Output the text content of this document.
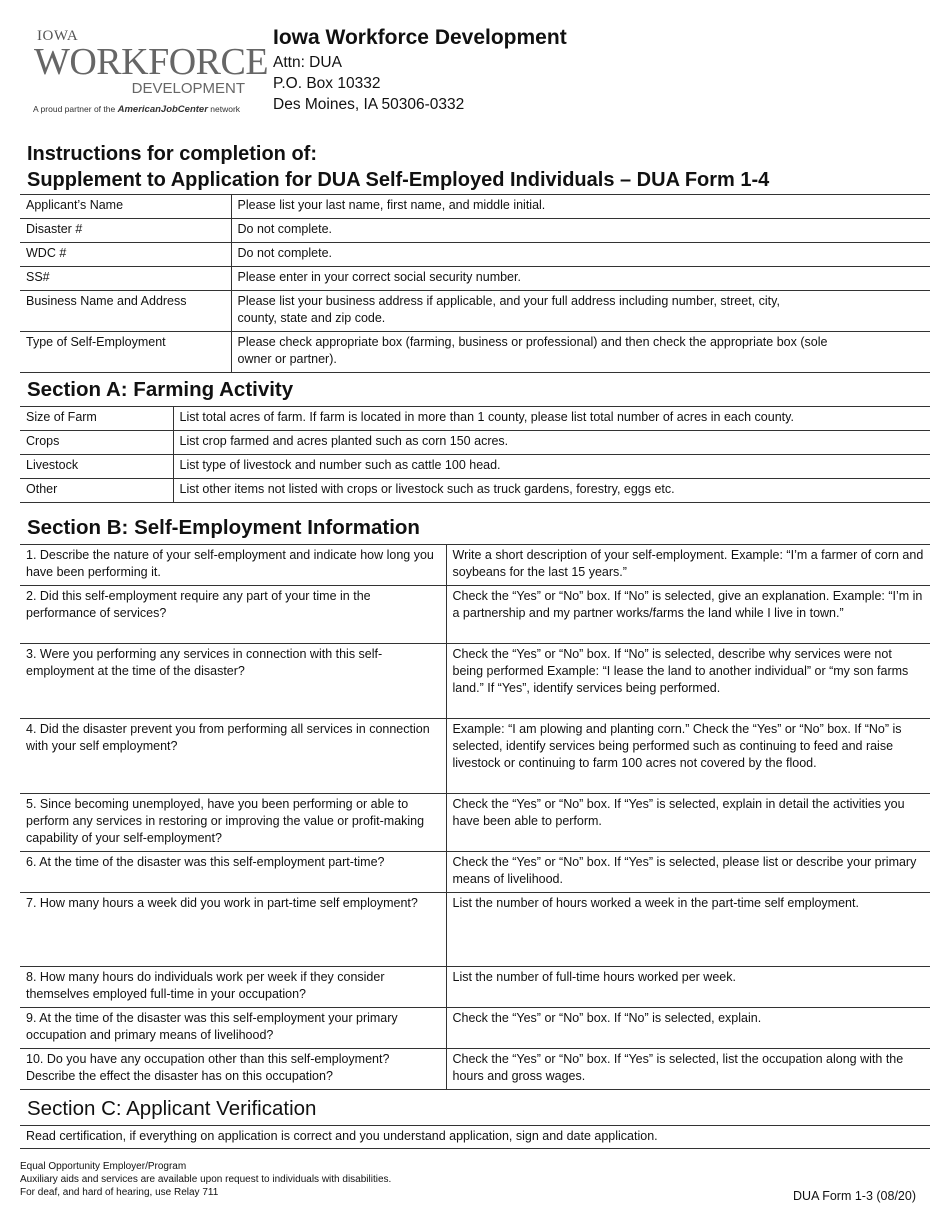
IOWA
WORKFORCE
DEVELOPMENT
A proud partner of the AmericanJobCenter network
Iowa Workforce Development
Attn: DUA
P.O. Box 10332
Des Moines, IA 50306-0332
Instructions for completion of:
Supplement to Application for DUA Self-Employed Individuals – DUA Form 1-4
Applicant’s Name	Please list your last name, first name, and middle initial.
Disaster #	Do not complete.
WDC #	Do not complete.
SS#	Please enter in your correct social security number.
Business Name and Address	Please list your business address if applicable, and your full address including number, street, city, county, state and zip code.
Type of Self-Employment	Please check appropriate box (farming, business or professional) and then check the appropriate box (sole owner or partner).
Section A: Farming Activity
Size of Farm	List total acres of farm. If farm is located in more than 1 county, please list total number of acres in each county.
Crops	List crop farmed and acres planted such as corn 150 acres.
Livestock	List type of livestock and number such as cattle 100 head.
Other	List other items not listed with crops or livestock such as truck gardens, forestry, eggs etc.
Section B: Self-Employment Information
1. Describe the nature of your self-employment and indicate how long you have been performing it.	Write a short description of your self-employment. Example: “I’m a farmer of corn and soybeans for the last 15 years.”
2. Did this self-employment require any part of your time in the performance of services?	Check the “Yes” or “No” box. If “No” is selected, give an explanation. Example: “I’m in a partnership and my partner works/farms the land while I live in town.”
3. Were you performing any services in connection with this self-employment at the time of the disaster?	Check the “Yes” or “No” box. If “No” is selected, describe why services were not being performed Example: “I lease the land to another individual” or “my son farms land.” If “Yes”, identify services being performed.
4. Did the disaster prevent you from performing all services in connection with your self employment?	Example: “I am plowing and planting corn.” Check the “Yes” or “No” box. If “No” is selected, identify services being performed such as continuing to feed and raise livestock or continuing to farm 100 acres not covered by the flood.
5. Since becoming unemployed, have you been performing or able to perform any services in restoring or improving the value or profit-making capability of your self-employment?	Check the “Yes” or “No” box. If “Yes” is selected, explain in detail the activities you have been able to perform.
6. At the time of the disaster was this self-employment part-time?	Check the “Yes” or “No” box. If “Yes” is selected, please list or describe your primary means of livelihood.
7. How many hours a week did you work in part-time self employment?	List the number of hours worked a week in the part-time self employment.
8. How many hours do individuals work per week if they consider themselves employed full-time in your occupation?	List the number of full-time hours worked per week.
9. At the time of the disaster was this self-employment your primary occupation and primary means of livelihood?	Check the “Yes” or “No” box. If “No” is selected, explain.
10. Do you have any occupation other than this self-employment? Describe the effect the disaster has on this occupation?	Check the “Yes” or “No” box. If “Yes” is selected, list the occupation along with the hours and gross wages.
Section C: Applicant Verification
Read certification, if everything on application is correct and you understand application, sign and date application.
Equal Opportunity Employer/Program
Auxiliary aids and services are available upon request to individuals with disabilities.
For deaf, and hard of hearing, use Relay 711	DUA Form 1-3 (08/20)
